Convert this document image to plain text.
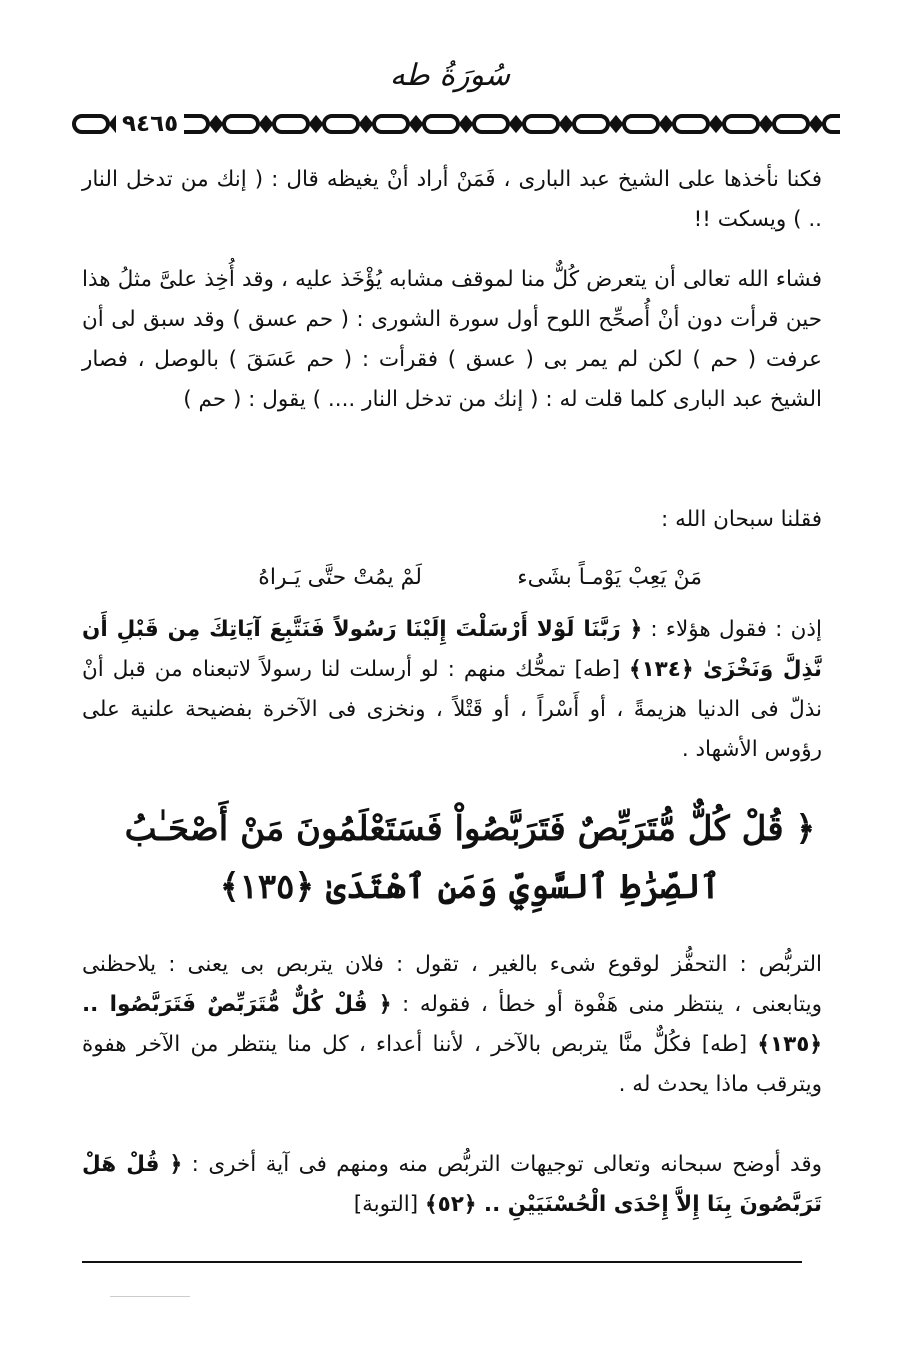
سُورَةُ طه
٩٤٦٥
فكنا نأخذها على الشيخ عبد البارى ، فَمَنْ أراد أنْ يغيظه قال : ( إنك من تدخل النار .. ) ويسكت !!
فشاء الله تعالى أن يتعرض كُلٌّ منا لموقف مشابه يُؤْخَذ عليه ، وقد أُخِذ علىَّ مثلُ هذا حين قرأت دون أنْ أُصحِّح اللوح أول سورة الشورى : ( حم عسق ) وقد سبق لى أن عرفت ( حم ) لكن لم يمر بى ( عسق ) فقرأت : ( حم عَسَقَ ) بالوصل ، فصار الشيخ عبد البارى كلما قلت له : ( إنك من تدخل النار .... ) يقول : ( حم )
فقلنا سبحان الله :
مَنْ يَعِبْ يَوْمـاً بشَىء
لَمْ يمُتْ حتَّى يَـراهُ
إذن : فقول هؤلاء : ﴿ رَبَّنَا لَوْلا أَرْسَلْتَ إِلَيْنَا رَسُولاً فَنَتَّبِعَ آيَاتِكَ مِن قَبْلِ أَن نَّذِلَّ وَنَخْزَىٰ ﴿١٣٤﴾ [طه] تمحُّك منهم : لو أرسلت لنا رسولاً لاتبعناه من قبل أنْ نذلّ فى الدنيا هزيمةً ، أو أَسْراً ، أو قَتْلاً ، ونخزى فى الآخرة بفضيحة علنية على رؤوس الأشهاد .
﴿ قُلْ كُلٌّ مُّتَرَبِّصٌ فَتَرَبَّصُواْ فَسَتَعْلَمُونَ مَنْ أَصْحَـٰبُ
ٱلصِّرَٰطِ ٱلسَّوِيِّ وَمَنِ ٱهْتَدَىٰ ﴿١٣٥﴾
التربُّص : التحفُّز لوقوع شىء بالغير ، تقول : فلان يتربص بى يعنى : يلاحظنى ويتابعنى ، ينتظر منى هَفْوة أو خطأ ، فقوله : ﴿ قُلْ كُلٌّ مُّتَرَبِّصٌ فَتَرَبَّصُوا .. ﴿١٣٥﴾ [طه] فكُلٌّ منَّا يتربص بالآخر ، لأننا أعداء ، كل منا ينتظر من الآخر هفوة ويترقب ماذا يحدث له .
وقد أوضح سبحانه وتعالى توجيهات التربُّص منه ومنهم فى آية أخرى : ﴿ قُلْ هَلْ تَرَبَّصُونَ بِنَا إِلاَّ إِحْدَى الْحُسْنَيَيْنِ .. ﴿٥٢﴾ [التوبة]
